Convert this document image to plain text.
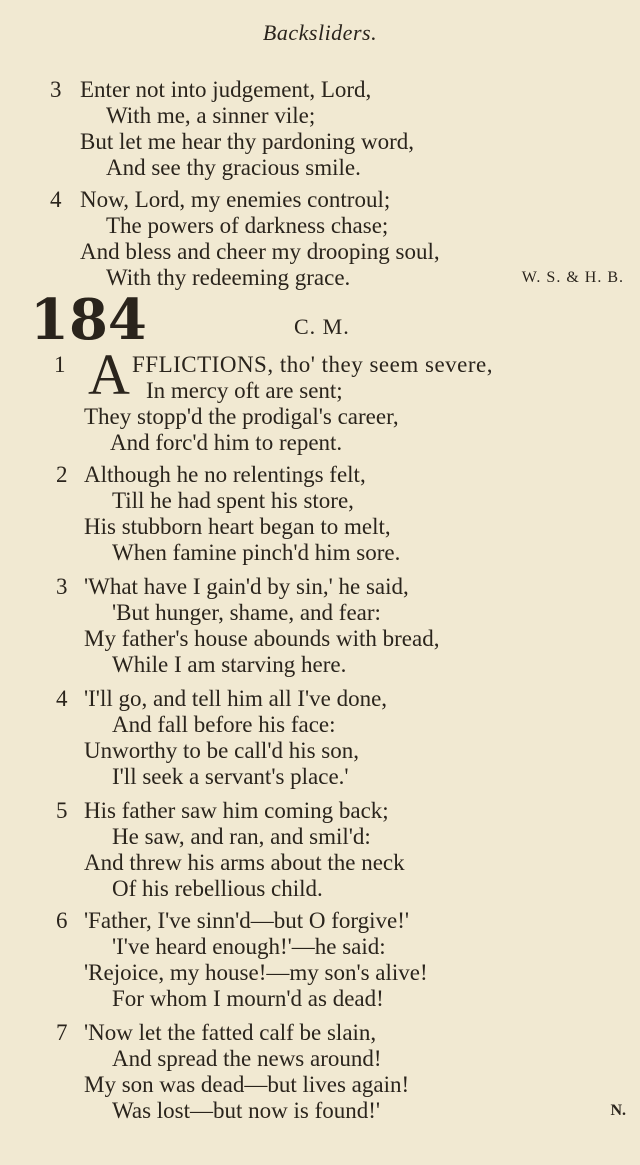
Backsliders.
3 Enter not into judgement, Lord,
With me, a sinner vile;
But let me hear thy pardoning word,
And see thy gracious smile.
4 Now, Lord, my enemies controul;
The powers of darkness chase;
And bless and cheer my drooping soul,
With thy redeeming grace.	W. S. & H. B.
184	C. M.
1 A FFLICTIONS, tho' they seem severe,
In mercy oft are sent;
They stopp'd the prodigal's career,
And forc'd him to repent.
2 Although he no relentings felt,
Till he had spent his store,
His stubborn heart began to melt,
When famine pinch'd him sore.
3 'What have I gain'd by sin,' he said,
'But hunger, shame, and fear:
My father's house abounds with bread,
While I am starving here.
4 'I'll go, and tell him all I've done,
And fall before his face:
Unworthy to be call'd his son,
I'll seek a servant's place.'
5 His father saw him coming back;
He saw, and ran, and smil'd:
And threw his arms about the neck
Of his rebellious child.
6 'Father, I've sinn'd—but O forgive!'
'I've heard enough!'—he said:
'Rejoice, my house!—my son's alive!
For whom I mourn'd as dead!
7 'Now let the fatted calf be slain,
And spread the news around!
My son was dead—but lives again!
Was lost—but now is found!'	N.
